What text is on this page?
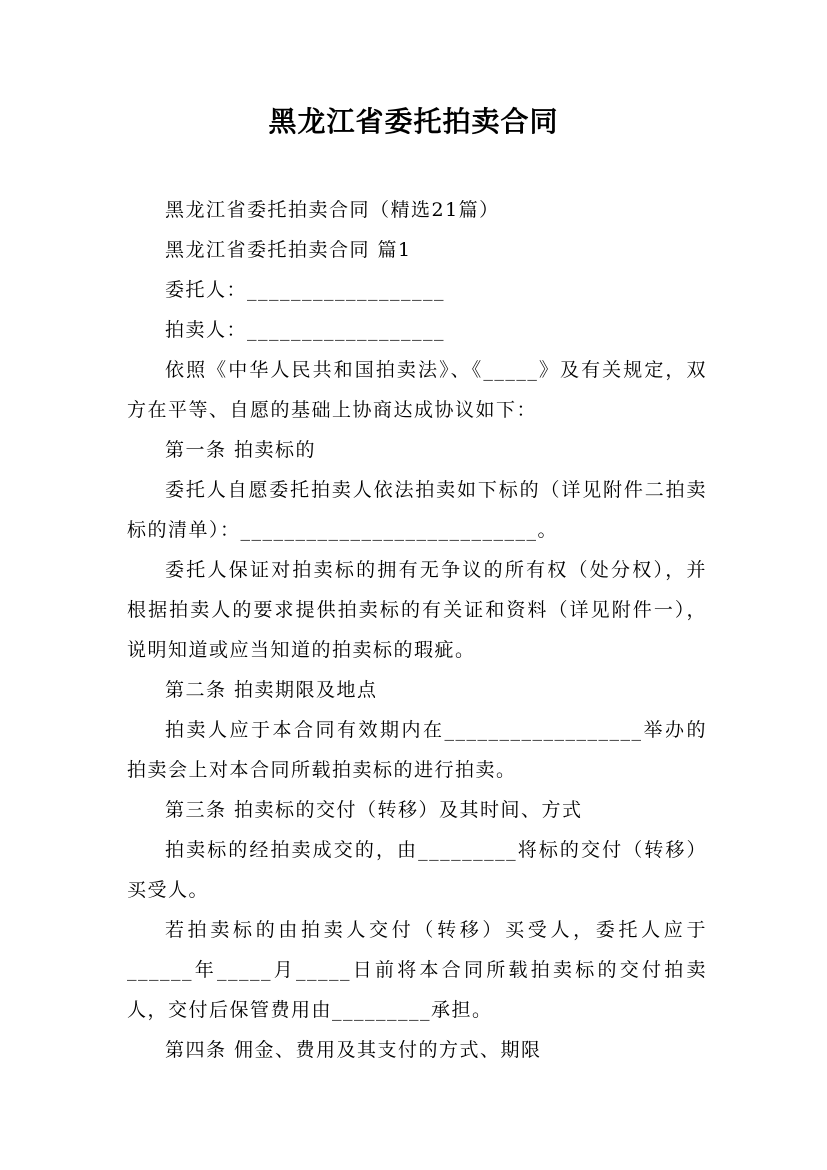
黑龙江省委托拍卖合同

黑龙江省委托拍卖合同（精选21篇）

黑龙江省委托拍卖合同 篇1

委托人：__________________

拍卖人：__________________

依照《中华人民共和国拍卖法》、《_____》及有关规定，双方在平等、自愿的基础上协商达成协议如下：

第一条 拍卖标的

委托人自愿委托拍卖人依法拍卖如下标的（详见附件二拍卖标的清单）：___________________________。

委托人保证对拍卖标的拥有无争议的所有权（处分权），并根据拍卖人的要求提供拍卖标的有关证和资料（详见附件一），说明知道或应当知道的拍卖标的瑕疵。

第二条 拍卖期限及地点

拍卖人应于本合同有效期内在__________________举办的拍卖会上对本合同所载拍卖标的进行拍卖。

第三条 拍卖标的交付（转移）及其时间、方式

拍卖标的经拍卖成交的，由_________将标的交付（转移）买受人。

若拍卖标的由拍卖人交付（转移）买受人，委托人应于______年_____月_____日前将本合同所载拍卖标的交付拍卖人，交付后保管费用由_________承担。

第四条 佣金、费用及其支付的方式、期限
